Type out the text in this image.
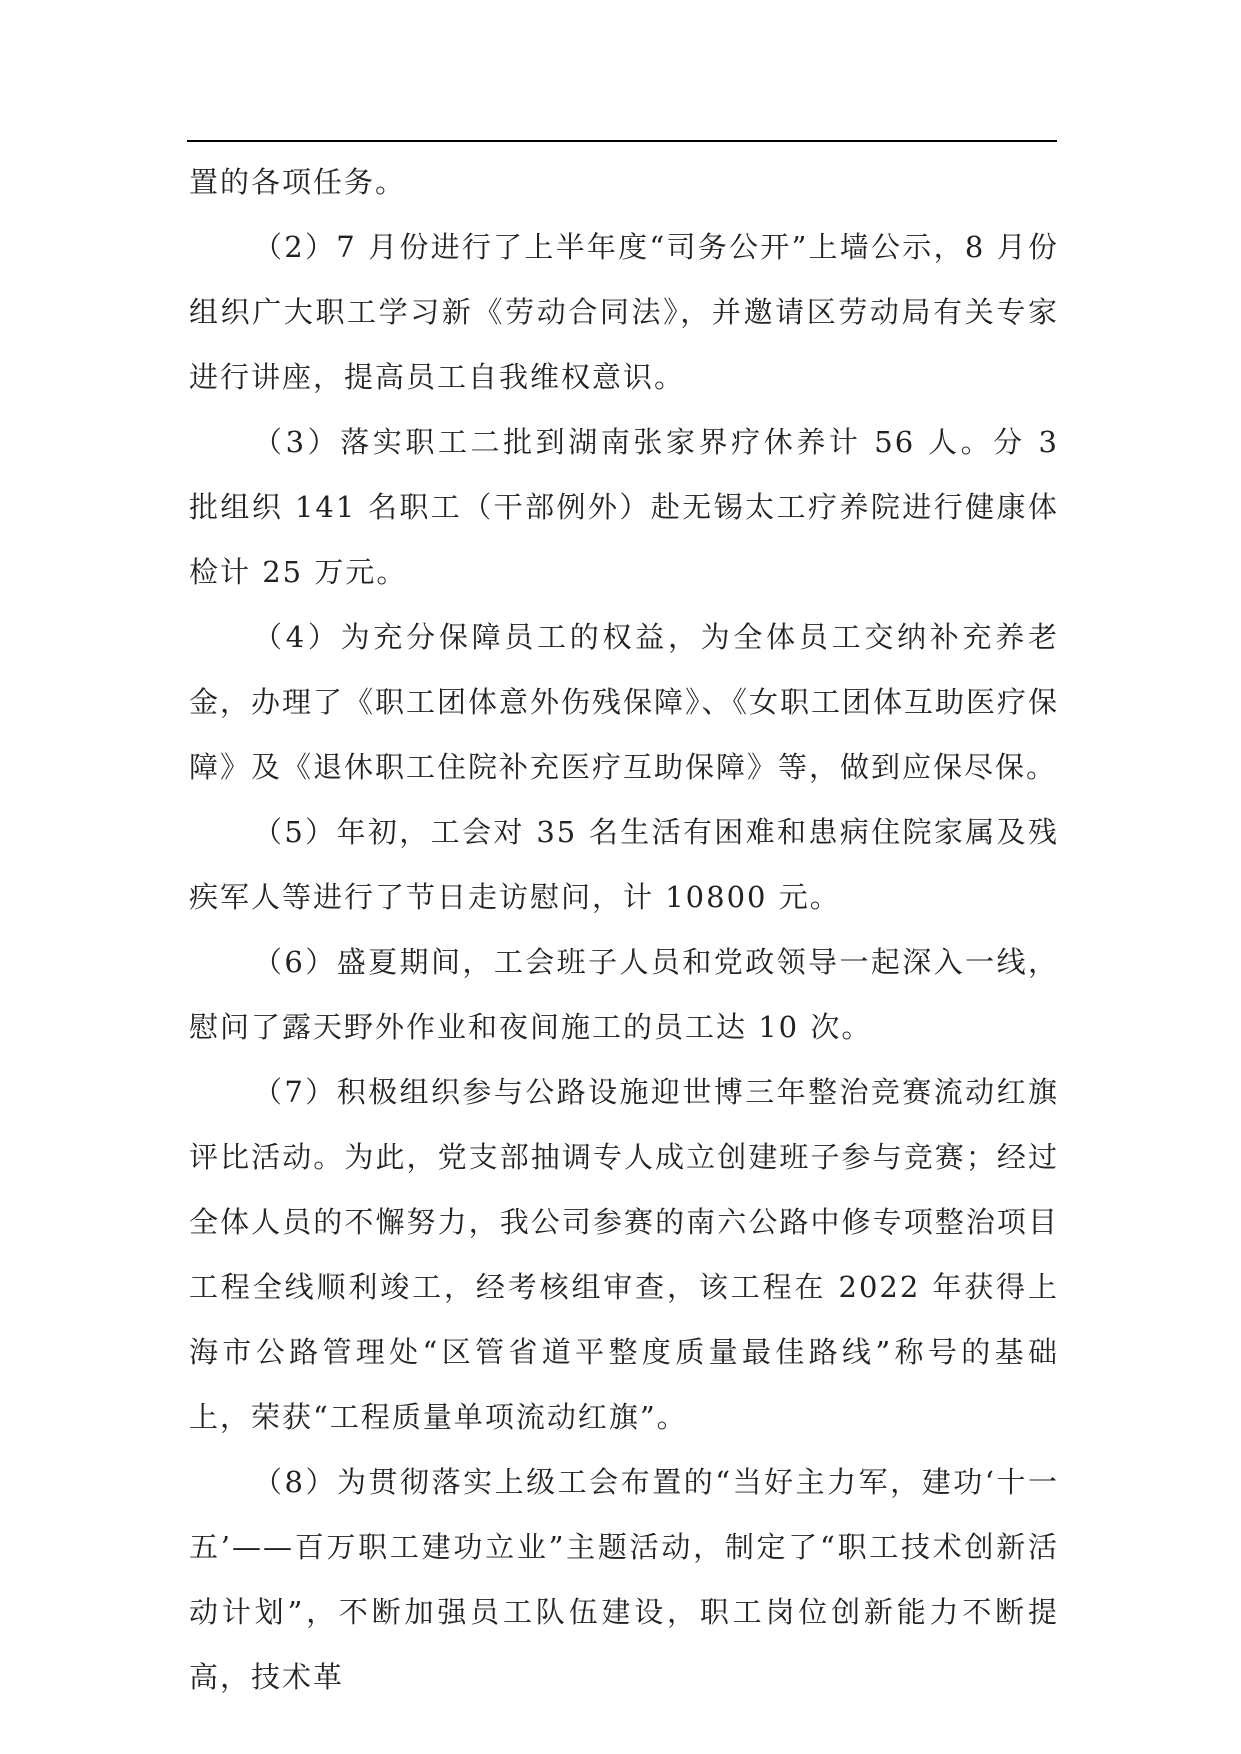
置的各项任务。

（2）7 月份进行了上半年度“司务公开”上墙公示，8 月份组织广大职工学习新《劳动合同法》，并邀请区劳动局有关专家进行讲座，提高员工自我维权意识。

（3）落实职工二批到湖南张家界疗休养计 56 人。分 3 批组织 141 名职工（干部例外）赴无锡太工疗养院进行健康体检计 25 万元。

（4）为充分保障员工的权益，为全体员工交纳补充养老金，办理了《职工团体意外伤残保障》、《女职工团体互助医疗保障》及《退休职工住院补充医疗互助保障》等，做到应保尽保。

（5）年初，工会对 35 名生活有困难和患病住院家属及残疾军人等进行了节日走访慰问，计 10800 元。

（6）盛夏期间，工会班子人员和党政领导一起深入一线，慰问了露天野外作业和夜间施工的员工达 10 次。

（7）积极组织参与公路设施迎世博三年整治竞赛流动红旗评比活动。为此，党支部抽调专人成立创建班子参与竞赛；经过全体人员的不懈努力，我公司参赛的南六公路中修专项整治项目工程全线顺利竣工，经考核组审查，该工程在 2022 年获得上海市公路管理处“区管省道平整度质量最佳路线”称号的基础上，荣获“工程质量单项流动红旗”。

（8）为贯彻落实上级工会布置的“当好主力军，建功‘十一五’——百万职工建功立业”主题活动，制定了“职工技术创新活动计划”，不断加强员工队伍建设，职工岗位创新能力不断提高，技术革
